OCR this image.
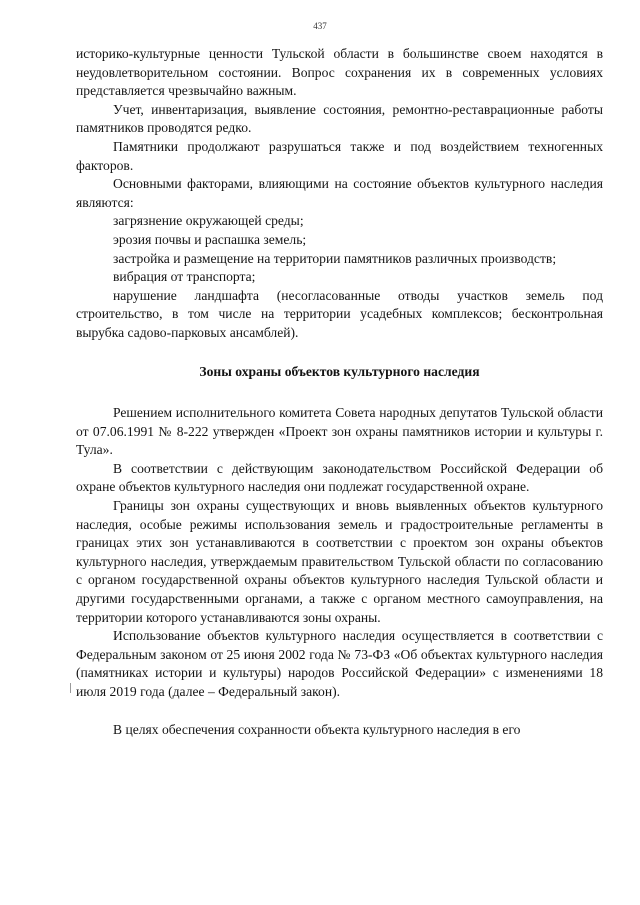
437

историко-культурные ценности Тульской области в большинстве своем находятся в неудовлетворительном состоянии. Вопрос сохранения их в современных условиях представляется чрезвычайно важным.

Учет, инвентаризация, выявление состояния, ремонтно-реставрационные работы памятников проводятся редко.

Памятники продолжают разрушаться также и под воздействием техногенных факторов.

Основными факторами, влияющими на состояние объектов культурного наследия являются:

загрязнение окружающей среды;

эрозия почвы и распашка земель;

застройка и размещение на территории памятников различных производств;

вибрация от транспорта;

нарушение ландшафта (несогласованные отводы участков земель под строительство, в том числе на территории усадебных комплексов; бесконтрольная вырубка садово-парковых ансамблей).

Зоны охраны объектов культурного наследия

Решением исполнительного комитета Совета народных депутатов Тульской области от 07.06.1991 № 8-222 утвержден «Проект зон охраны памятников истории и культуры г. Тула».

В соответствии с действующим законодательством Российской Федерации об охране объектов культурного наследия они подлежат государственной охране.

Границы зон охраны существующих и вновь выявленных объектов культурного наследия, особые режимы использования земель и градостроительные регламенты в границах этих зон устанавливаются в соответствии с проектом зон охраны объектов культурного наследия, утверждаемым правительством Тульской области по согласованию с органом государственной охраны объектов культурного наследия Тульской области и другими государственными органами, а также с органом местного самоуправления, на территории которого устанавливаются зоны охраны.

Использование объектов культурного наследия осуществляется в соответствии с Федеральным законом от 25 июня 2002 года № 73-ФЗ «Об объектах культурного наследия (памятниках истории и культуры) народов Российской Федерации» с изменениями 18 июля 2019 года (далее – Федеральный закон).

В целях обеспечения сохранности объекта культурного наследия в его
